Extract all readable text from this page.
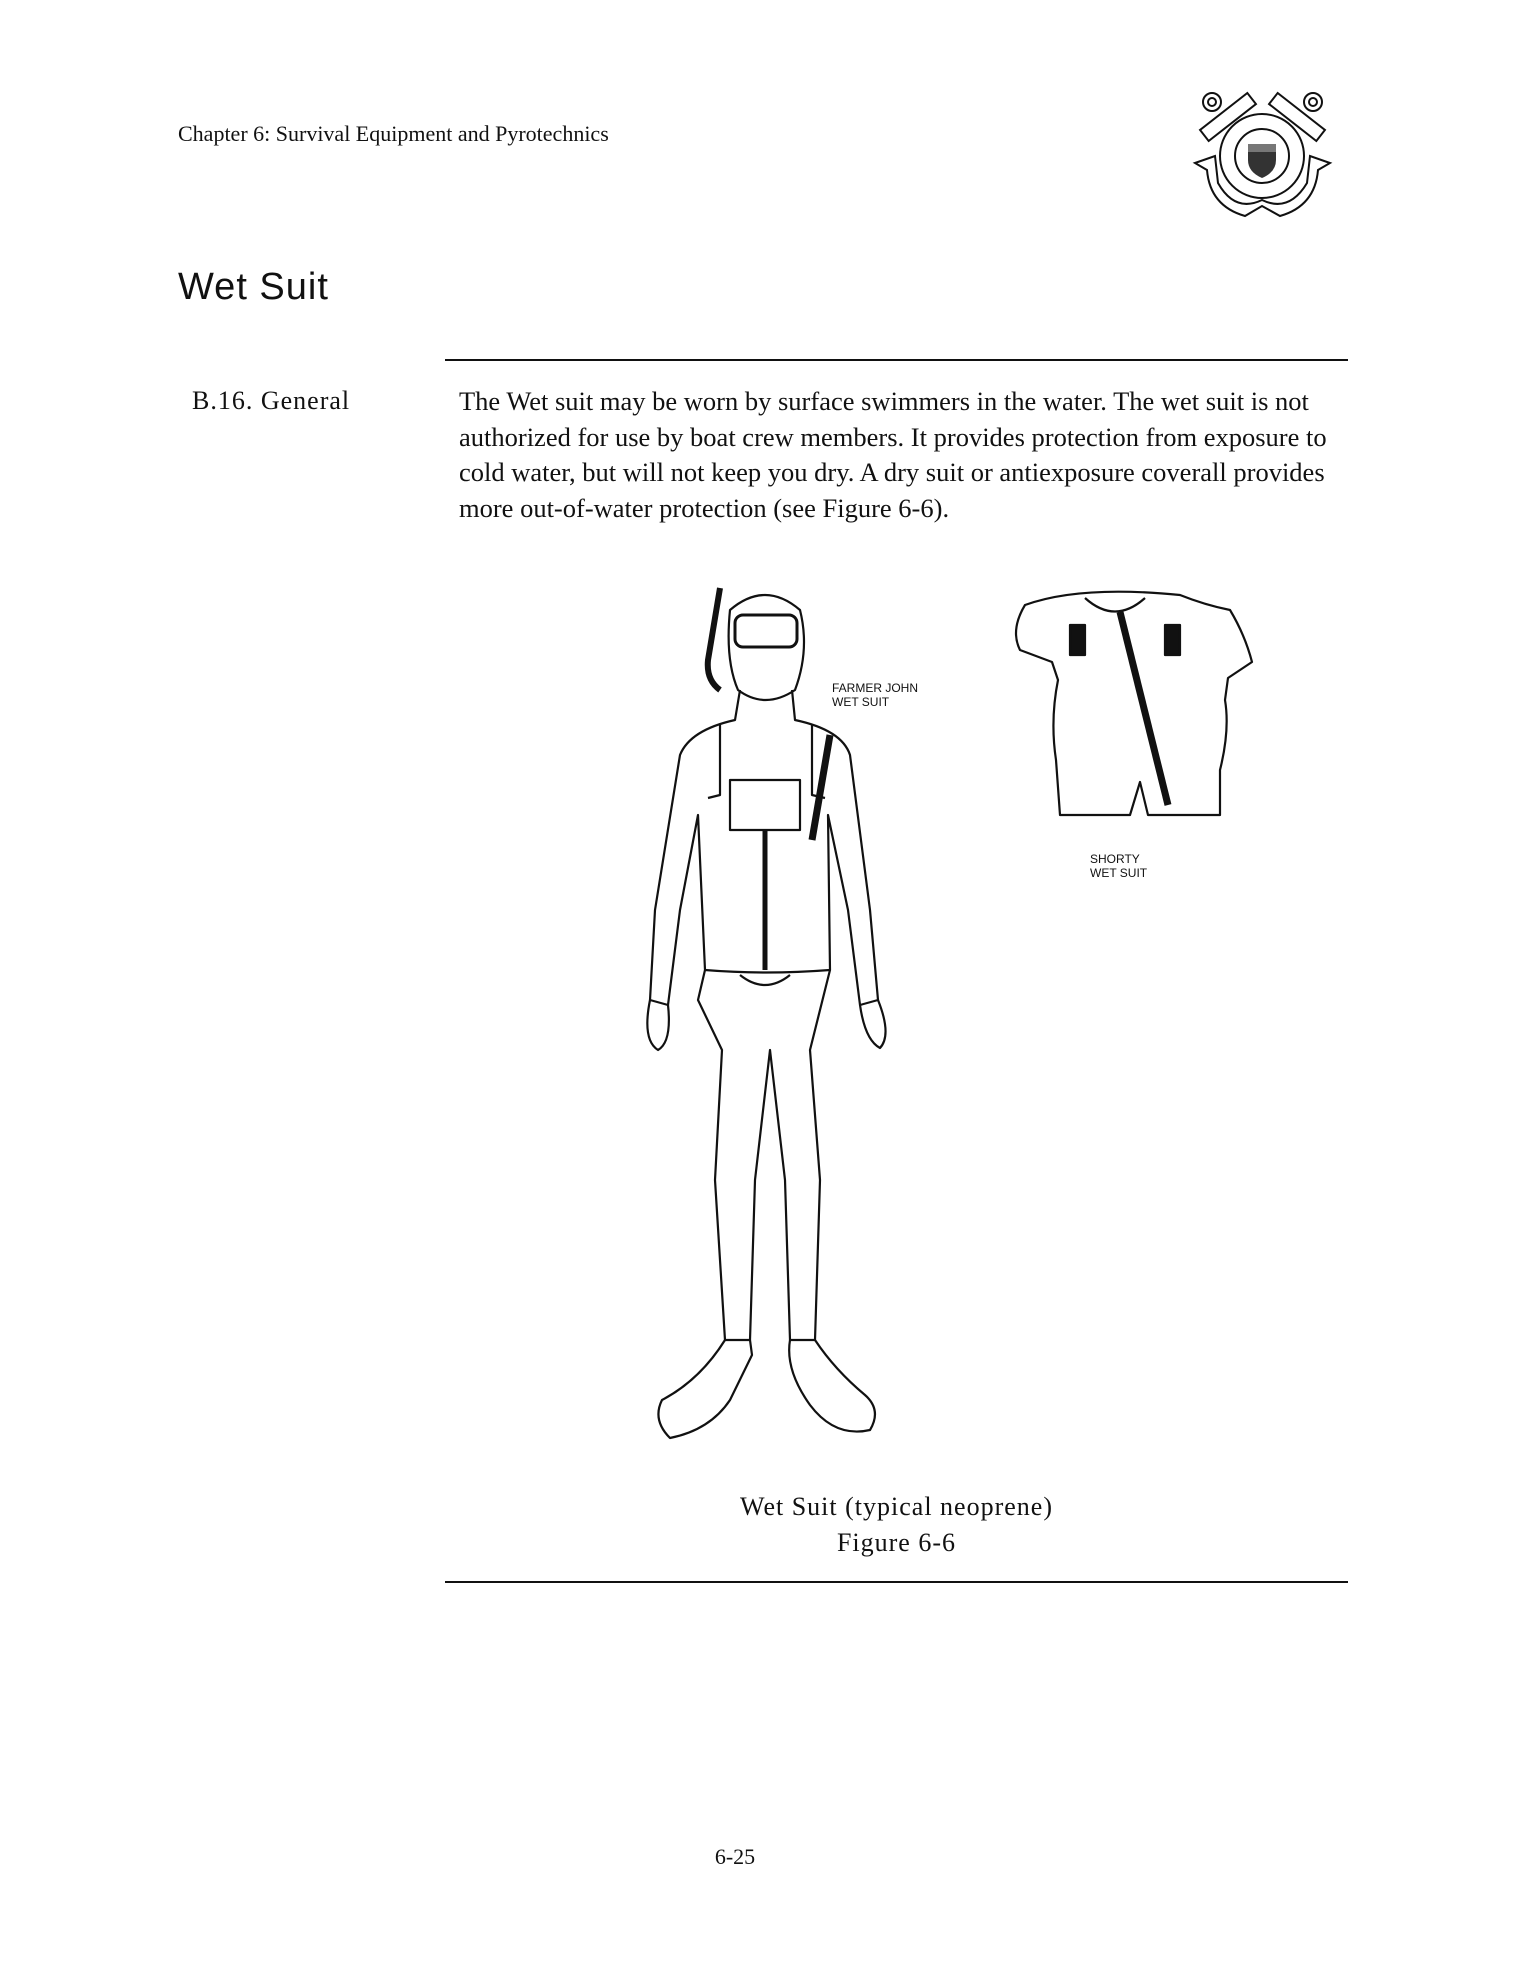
Chapter 6: Survival Equipment and Pyrotechnics
Wet Suit
B.16. General	The Wet suit may be worn by surface swimmers in the water. The wet suit is not authorized for use by boat crew members. It provides protection from exposure to cold water, but will not keep you dry. A dry suit or antiexposure coverall provides more out-of-water protection (see Figure 6-6).
FARMER JOHN
WET SUIT
SHORTY
WET SUIT
Wet Suit (typical neoprene)
Figure 6-6
6-25
